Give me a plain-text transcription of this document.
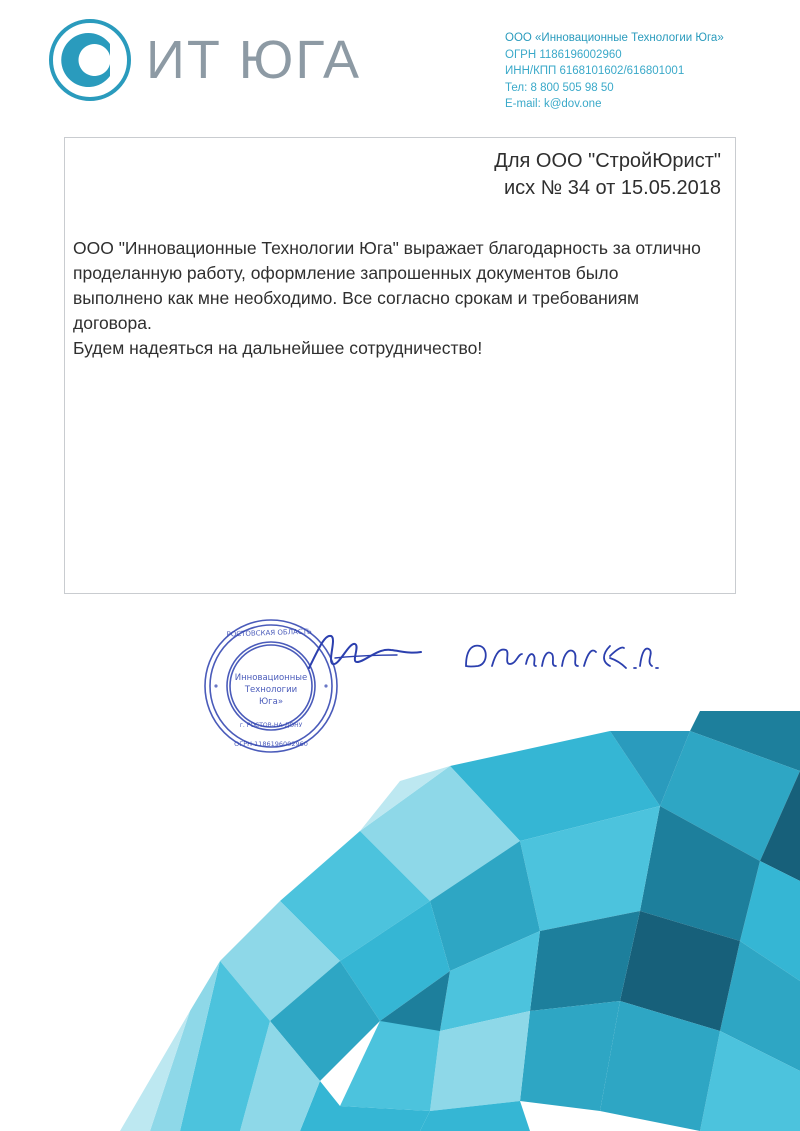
ИТ ЮГА	ООО «Инновационные Технологии Юга»
ОГРН 1186196002960
ИНН/КПП 6168101602/616801001
Тел: 8 800 505 98 50
E-mail: k@dov.one
Для ООО "СтройЮрист"
исх № 34 от 15.05.2018

ООО "Инновационные Технологии Юга" выражает благодарность за отлично проделанную работу, оформление запрошенных документов было выполнено как мне необходимо. Все согласно срокам и требованиям договора.

Будем надеяться на дальнейшее сотрудничество!

РОСТОВСКАЯ ОБЛАСТЬ
ОГРН 1186196002960
Инновационные
Технологии
Юга»
г. РОСТОВ-НА-ДОНУ
